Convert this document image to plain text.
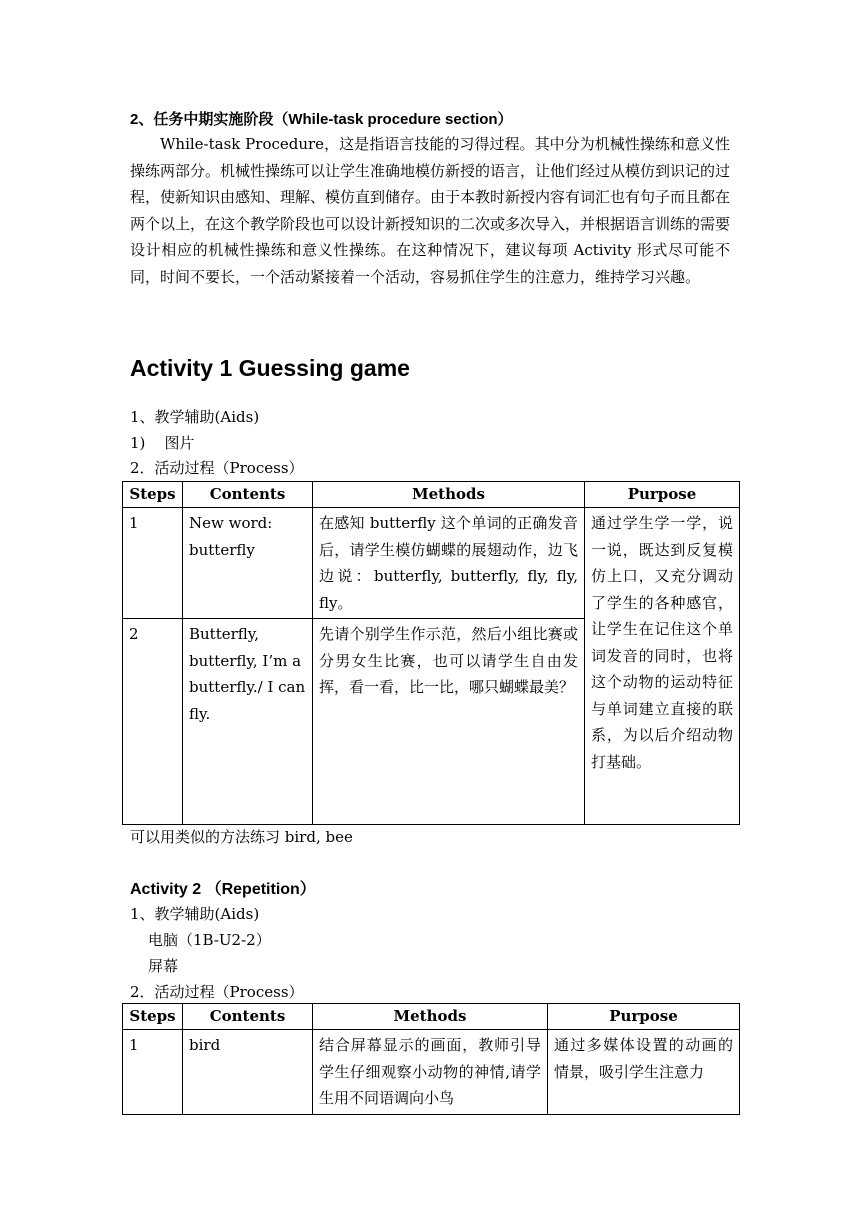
2、任务中期实施阶段（While-task procedure section）

While-task Procedure，这是指语言技能的习得过程。其中分为机械性操练和意义性操练两部分。机械性操练可以让学生准确地模仿新授的语言，让他们经过从模仿到识记的过程，使新知识由感知、理解、模仿直到储存。由于本教时新授内容有词汇也有句子而且都在两个以上，在这个教学阶段也可以设计新授知识的二次或多次导入，并根据语言训练的需要设计相应的机械性操练和意义性操练。在这种情况下，建议每项 Activity 形式尽可能不同，时间不要长，一个活动紧接着一个活动，容易抓住学生的注意力，维持学习兴趣。

Activity 1 Guessing game
1、教学辅助(Aids)
1)    图片
2．活动过程（Process）
Steps	Contents	Methods	Purpose
1	New word: butterfly	在感知 butterfly 这个单词的正确发音后，请学生模仿蝴蝶的展翅动作，边飞边说：butterfly, butterfly, fly, fly, fly。	通过学生学一学，说一说，既达到反复模仿上口，又充分调动了学生的各种感官，让学生在记住这个单词发音的同时，也将这个动物的运动特征与单词建立直接的联系，为以后介绍动物打基础。
2	Butterfly, butterfly, I’m a butterfly./ I can fly.	先请个别学生作示范，然后小组比赛或分男女生比赛，也可以请学生自由发挥，看一看，比一比，哪只蝴蝶最美？	
可以用类似的方法练习 bird, bee
Activity 2 （Repetition）
1、教学辅助(Aids)
电脑（1B-U2-2）
屏幕
2．活动过程（Process）
Steps	Contents	Methods	Purpose
1	bird	结合屏幕显示的画面，教师引导学生仔细观察小动物的神情,请学生用不同语调向小鸟	通过多媒体设置的动画的情景，吸引学生注意力
